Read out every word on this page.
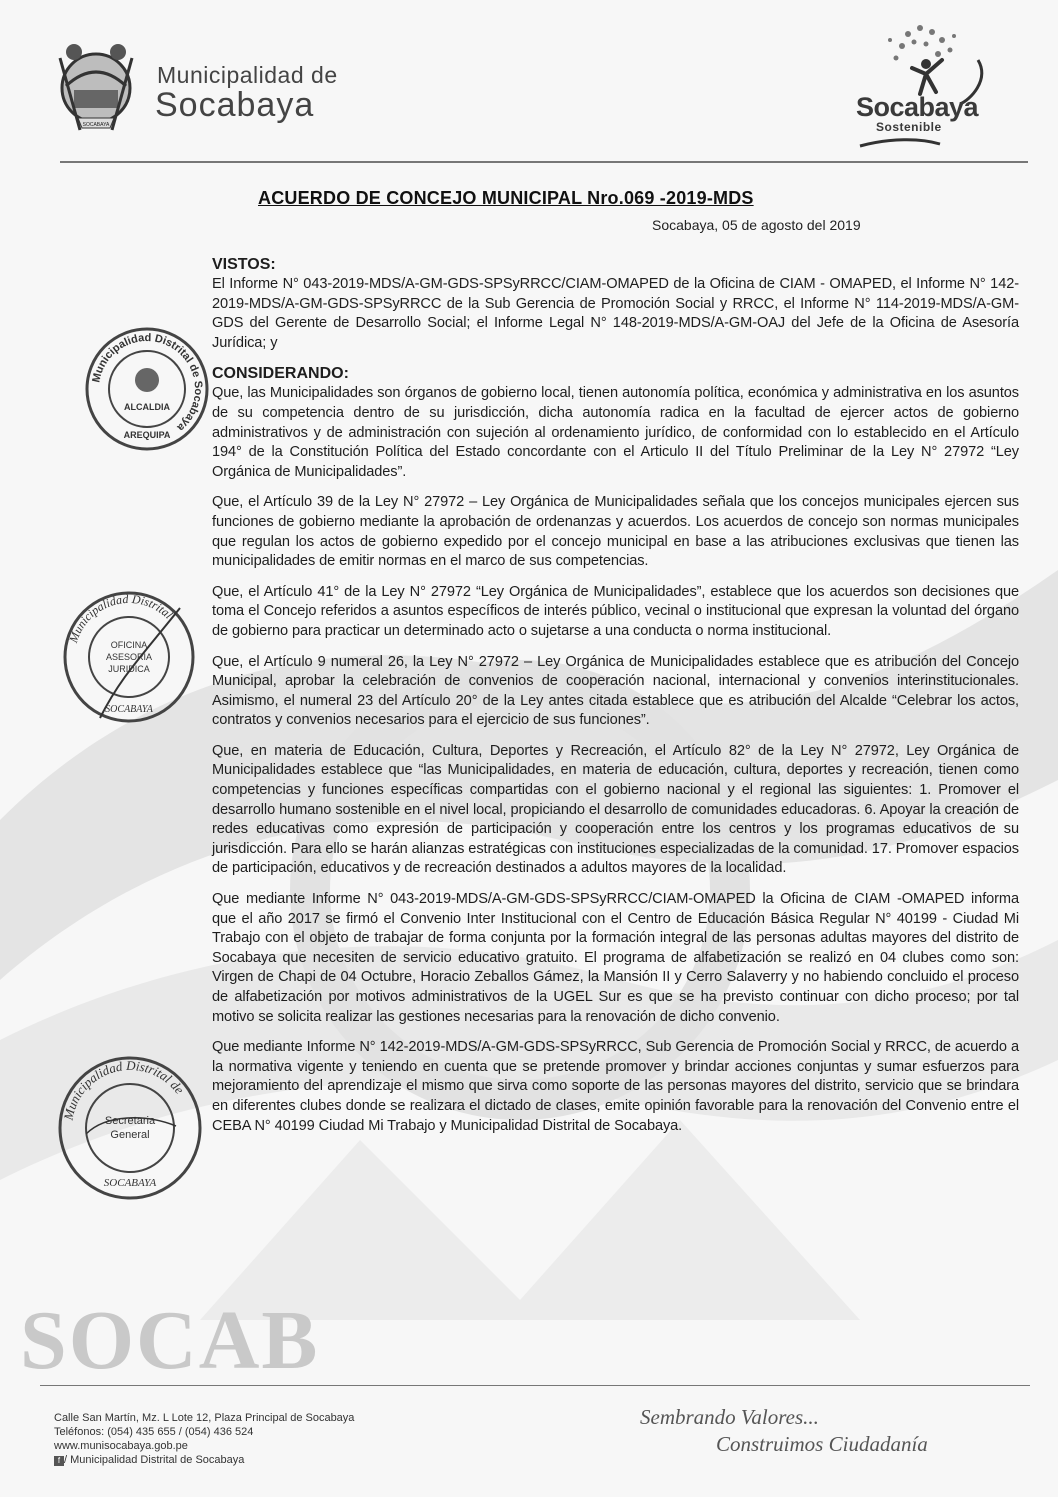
SOCAB
SOCABAYA
Municipalidad de
Socabaya	Socabaya
Sostenible
ACUERDO DE CONCEJO MUNICIPAL Nro.069 -2019-MDS
Socabaya, 05 de agosto del 2019
Municipalidad Distrital de Socabaya
ALCALDIA
AREQUIPA
Municipalidad Distrital
OFICINA
ASESORIA
JURIDICA
SOCABAYA
Municipalidad Distrital de
Secretaria
General
SOCABAYA
VISTOS:

El Informe N° 043-2019-MDS/A-GM-GDS-SPSyRRCC/CIAM-OMAPED de la Oficina de CIAM - OMAPED, el Informe N° 142-2019-MDS/A-GM-GDS-SPSyRRCC de la Sub Gerencia de Promoción Social y RRCC, el Informe N° 114-2019-MDS/A-GM-GDS del Gerente de Desarrollo Social; el Informe Legal N° 148-2019-MDS/A-GM-OAJ del Jefe de la Oficina de Asesoría Jurídica; y

CONSIDERANDO:

Que, las Municipalidades son órganos de gobierno local, tienen autonomía política, económica y administrativa en los asuntos de su competencia dentro de su jurisdicción, dicha autonomía radica en la facultad de ejercer actos de gobierno administrativos y de administración con sujeción al ordenamiento jurídico, de conformidad con lo establecido en el Artículo 194° de la Constitución Política del Estado concordante con el Articulo II del Título Preliminar de la Ley N° 27972 “Ley Orgánica de Municipalidades”.

Que, el Artículo 39 de la Ley N° 27972 – Ley Orgánica de Municipalidades señala que los concejos municipales ejercen sus funciones de gobierno mediante la aprobación de ordenanzas y acuerdos. Los acuerdos de concejo son normas municipales que regulan los actos de gobierno expedido por el concejo municipal en base a las atribuciones exclusivas que tienen las municipalidades de emitir normas en el marco de sus competencias.

Que, el Artículo 41° de la Ley N° 27972 “Ley Orgánica de Municipalidades”, establece que los acuerdos son decisiones que toma el Concejo referidos a asuntos específicos de interés público, vecinal o institucional que expresan la voluntad del órgano de gobierno para practicar un determinado acto o sujetarse a una conducta o norma institucional.

Que, el Artículo 9 numeral 26, la Ley N° 27972 – Ley Orgánica de Municipalidades establece que es atribución del Concejo Municipal, aprobar la celebración de convenios de cooperación nacional, internacional y convenios interinstitucionales. Asimismo, el numeral 23 del Artículo 20° de la Ley antes citada establece que es atribución del Alcalde “Celebrar los actos, contratos y convenios necesarios para el ejercicio de sus funciones”.

Que, en materia de Educación, Cultura, Deportes y Recreación, el Artículo 82° de la Ley N° 27972, Ley Orgánica de Municipalidades establece que “las Municipalidades, en materia de educación, cultura, deportes y recreación, tienen como competencias y funciones específicas compartidas con el gobierno nacional y el regional las siguientes: 1. Promover el desarrollo humano sostenible en el nivel local, propiciando el desarrollo de comunidades educadoras. 6. Apoyar la creación de redes educativas como expresión de participación y cooperación entre los centros y los programas educativos de su jurisdicción. Para ello se harán alianzas estratégicas con instituciones especializadas de la comunidad. 17. Promover espacios de participación, educativos y de recreación destinados a adultos mayores de la localidad.

Que mediante Informe N° 043-2019-MDS/A-GM-GDS-SPSyRRCC/CIAM-OMAPED la Oficina de CIAM -OMAPED informa que el año 2017 se firmó el Convenio Inter Institucional con el Centro de Educación Básica Regular N° 40199 - Ciudad Mi Trabajo con el objeto de trabajar de forma conjunta por la formación integral de las personas adultas mayores del distrito de Socabaya que necesiten de servicio educativo gratuito. El programa de alfabetización se realizó en 04 clubes como son: Virgen de Chapi de 04 Octubre, Horacio Zeballos Gámez, la Mansión II y Cerro Salaverry y no habiendo concluido el proceso de alfabetización por motivos administrativos de la UGEL Sur es que se ha previsto continuar con dicho proceso; por tal motivo se solicita realizar las gestiones necesarias para la renovación de dicho convenio.

Que mediante Informe N° 142-2019-MDS/A-GM-GDS-SPSyRRCC, Sub Gerencia de Promoción Social y RRCC, de acuerdo a la normativa vigente y teniendo en cuenta que se pretende promover y brindar acciones conjuntas y sumar esfuerzos para mejoramiento del aprendizaje el mismo que sirva como soporte de las personas mayores del distrito, servicio que se brindara en diferentes clubes donde se realizara el dictado de clases, emite opinión favorable para la renovación del Convenio entre el CEBA N° 40199 Ciudad Mi Trabajo y Municipalidad Distrital de Socabaya.

Calle San Martín, Mz. L Lote 12, Plaza Principal de Socabaya
Teléfonos: (054) 435 655 / (054) 436 524
www.munisocabaya.gob.pe
f / Municipalidad Distrital de Socabaya
Sembrando Valores...
Construimos Ciudadanía
